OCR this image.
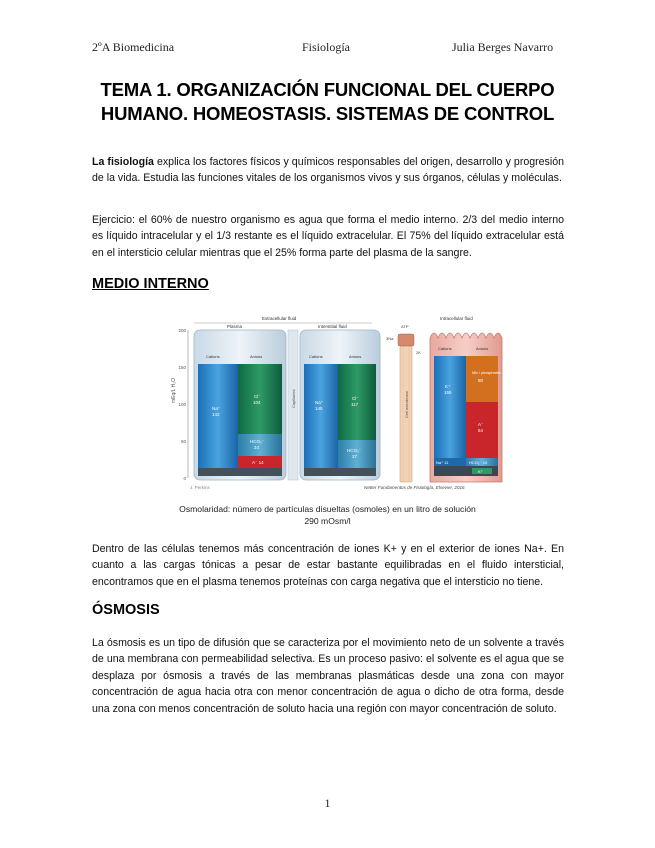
2ºA Biomedicina	Fisiología	Julia Berges Navarro
TEMA 1. ORGANIZACIÓN FUNCIONAL DEL CUERPO
HUMANO. HOMEOSTASIS. SISTEMAS DE CONTROL
La fisiología explica los factores físicos y químicos responsables del origen, desarrollo y progresión de la vida. Estudia las funciones vitales de los organismos vivos y sus órganos, células y moléculas.
Ejercicio: el 60% de nuestro organismo es agua que forma el medio interno. 2/3 del medio interno es líquido intracelular y el 1/3 restante es el líquido extracelular. El 75% del líquido extracelular está en el intersticio celular mientras que el 25% forma parte del plasma de la sangre.
MEDIO INTERNO
mEq/L H₂O
200
150
100
50
0
Extracellular fluid	Intracellular fluid
Plasma
Cations	Anions
Na⁺
142
Cl⁻
104
HCO₃⁻
24
A⁻ 14
Capillaries
Interstitial fluid
Cations	Anions
Na⁺
145
Cl⁻
117
HCO₃⁻
27
ATP
2K
3Na
Cell membrane
Cations	Anions
K⁺
155
Mix / phosphates
80
A⁻
54
Na⁺ 11	HCO₃⁻ 10
K⁺
J. Perkins	Netter Fundamentos de Fisiología, Elsevier, 2016
Osmolaridad: número de partículas disueltas (osmoles) en un litro de solución
290 mOsm/l
Dentro de las células tenemos más concentración de iones K+ y en el exterior de iones Na+. En cuanto a las cargas tónicas a pesar de estar bastante equilibradas en el fluido intersticial, encontramos que en el plasma tenemos proteínas con carga negativa que el intersticio no tiene.
ÓSMOSIS
La ósmosis es un tipo de difusión que se caracteriza por el movimiento neto de un solvente a través de una membrana con permeabilidad selectiva. Es un proceso pasivo: el solvente es el agua que se desplaza por ósmosis a través de las membranas plasmáticas desde una zona con mayor concentración de agua hacia otra con menor concentración de agua o dicho de otra forma, desde una zona con menos concentración de soluto hacia una región con mayor concentración de soluto.
1
